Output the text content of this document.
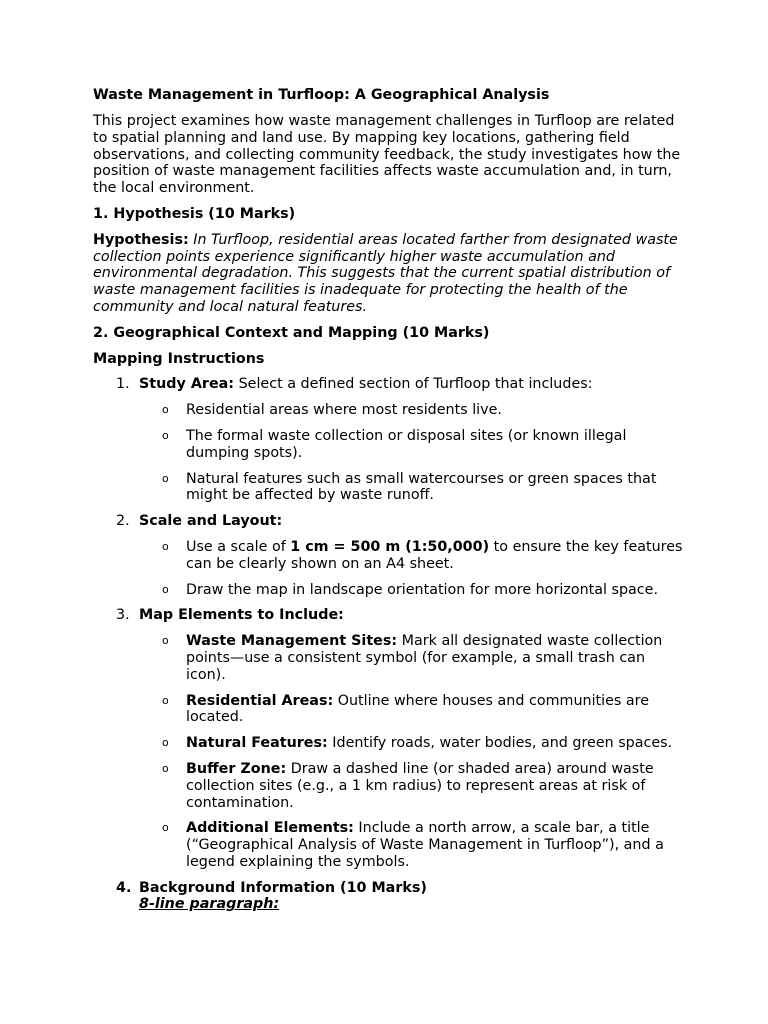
Waste Management in Turfloop: A Geographical Analysis

This project examines how waste management challenges in Turfloop are related to spatial planning and land use. By mapping key locations, gathering field observations, and collecting community feedback, the study investigates how the position of waste management facilities affects waste accumulation and, in turn, the local environment.

1. Hypothesis (10 Marks)

Hypothesis: In Turfloop, residential areas located farther from designated waste collection points experience significantly higher waste accumulation and environmental degradation. This suggests that the current spatial distribution of waste management facilities is inadequate for protecting the health of the community and local natural features.

2. Geographical Context and Mapping (10 Marks)
Mapping Instructions
1. Study Area: Select a defined section of Turfloop that includes:
o Residential areas where most residents live.
o The formal waste collection or disposal sites (or known illegal dumping spots).
o Natural features such as small watercourses or green spaces that might be affected by waste runoff.
2. Scale and Layout:
o Use a scale of 1 cm = 500 m (1:50,000) to ensure the key features can be clearly shown on an A4 sheet.
o Draw the map in landscape orientation for more horizontal space.
3. Map Elements to Include:
o Waste Management Sites: Mark all designated waste collection points—use a consistent symbol (for example, a small trash can icon).
o Residential Areas: Outline where houses and communities are located.
o Natural Features: Identify roads, water bodies, and green spaces.
o Buffer Zone: Draw a dashed line (or shaded area) around waste collection sites (e.g., a 1 km radius) to represent areas at risk of contamination.
o Additional Elements: Include a north arrow, a scale bar, a title (“Geographical Analysis of Waste Management in Turfloop”), and a legend explaining the symbols.
4. Background Information (10 Marks)
8-line paragraph:
